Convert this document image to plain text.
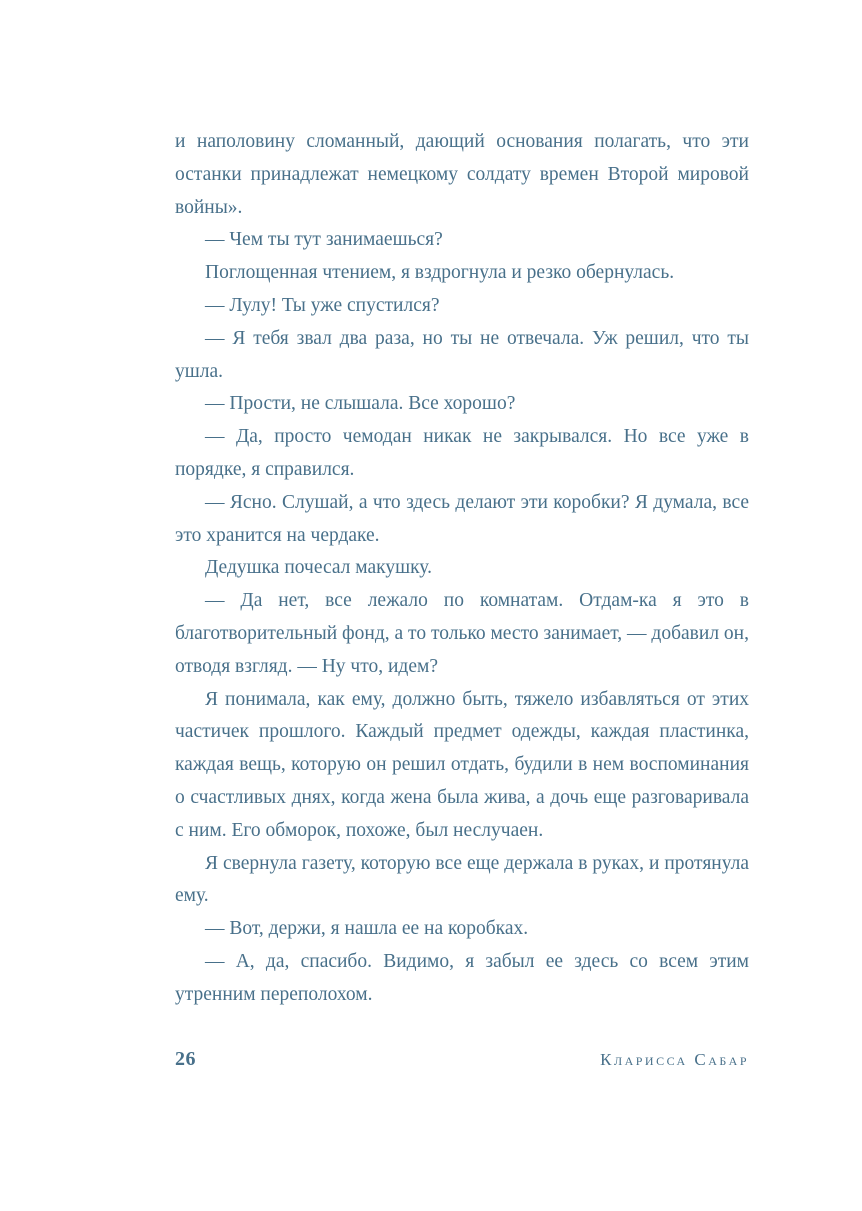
и наполовину сломанный, дающий основания полагать, что эти останки принадлежат немецкому солдату времен Второй мировой войны».

— Чем ты тут занимаешься?

Поглощенная чтением, я вздрогнула и резко обернулась.

— Лулу! Ты уже спустился?

— Я тебя звал два раза, но ты не отвечала. Уж решил, что ты ушла.

— Прости, не слышала. Все хорошо?

— Да, просто чемодан никак не закрывался. Но все уже в порядке, я справился.

— Ясно. Слушай, а что здесь делают эти коробки? Я думала, все это хранится на чердаке.

Дедушка почесал макушку.

— Да нет, все лежало по комнатам. Отдам-ка я это в благотворительный фонд, а то только место занимает, — добавил он, отводя взгляд. — Ну что, идем?

Я понимала, как ему, должно быть, тяжело избавляться от этих частичек прошлого. Каждый предмет одежды, каждая пластинка, каждая вещь, которую он решил отдать, будили в нем воспоминания о счастливых днях, когда жена была жива, а дочь еще разговаривала с ним. Его обморок, похоже, был неслучаен.

Я свернула газету, которую все еще держала в руках, и протянула ему.

— Вот, держи, я нашла ее на коробках.

— А, да, спасибо. Видимо, я забыл ее здесь со всем этим утренним переполохом.

26	Кларисса Сабар
